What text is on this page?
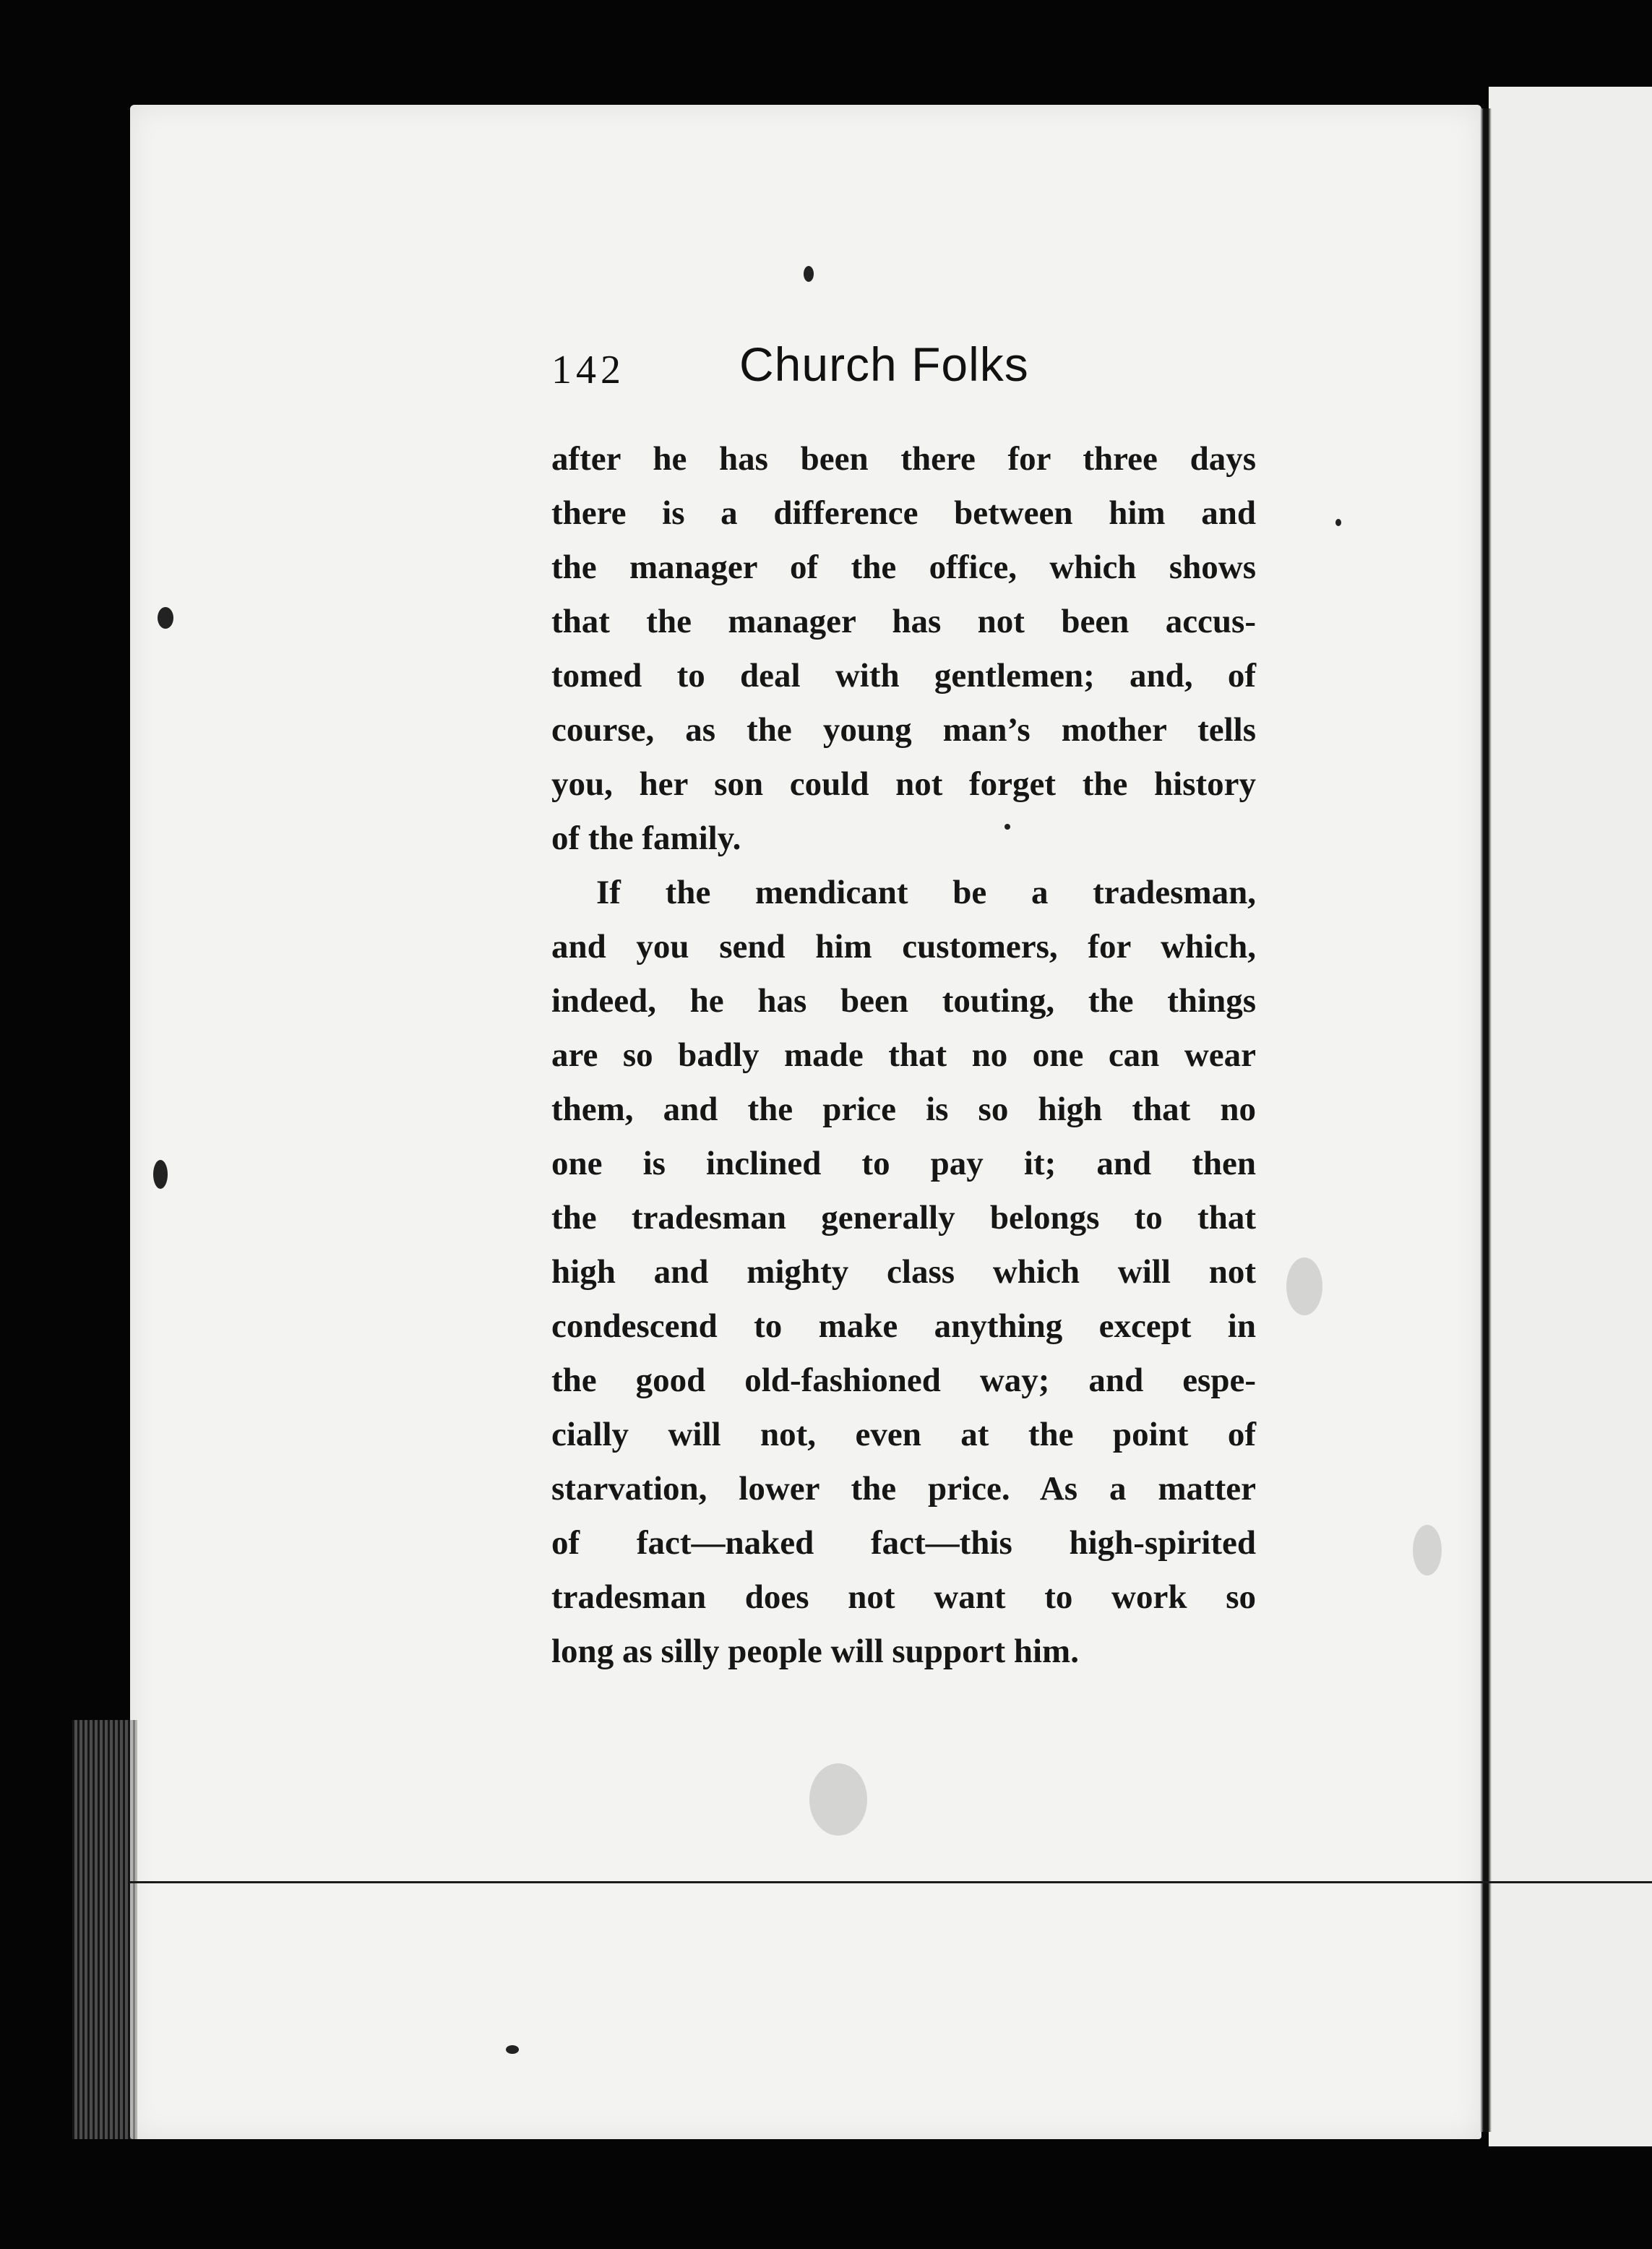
142 Church Folks
after he has been there for three days
there is a difference between him and
the manager of the office, which shows
that the manager has not been accus-
tomed to deal with gentlemen; and, of
course, as the young man’s mother tells
you, her son could not forget the history
of the family.
If the mendicant be a tradesman,
and you send him customers, for which,
indeed, he has been touting, the things
are so badly made that no one can wear
them, and the price is so high that no
one is inclined to pay it; and then
the tradesman generally belongs to that
high and mighty class which will not
condescend to make anything except in
the good old-fashioned way; and espe-
cially will not, even at the point of
starvation, lower the price. As a matter
of fact—naked fact—this high-spirited
tradesman does not want to work so
long as silly people will support him.
